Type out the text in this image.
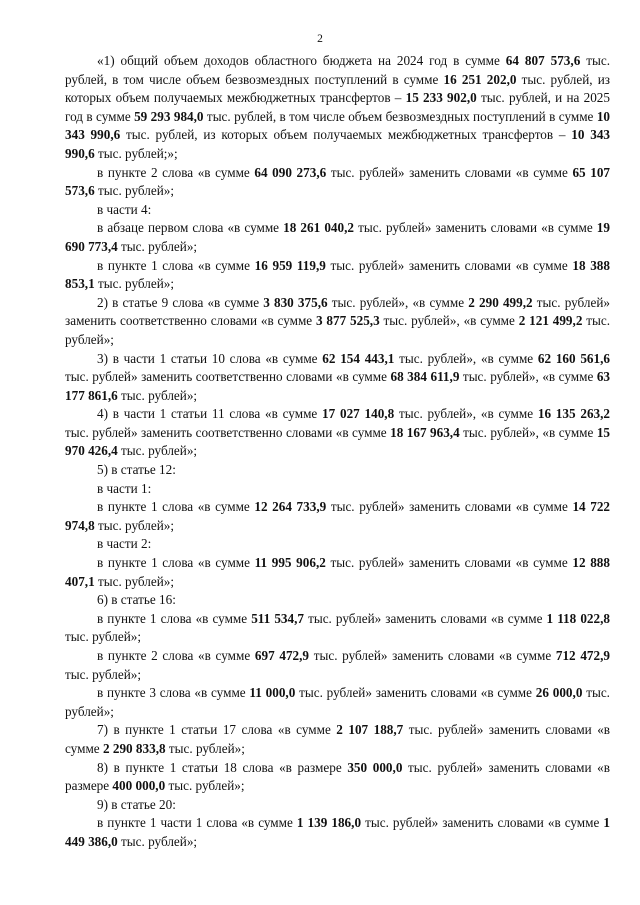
2

«1) общий объем доходов областного бюджета на 2024 год в сумме 64 807 573,6 тыс. рублей, в том числе объем безвозмездных поступлений в сумме 16 251 202,0 тыс. рублей, из которых объем получаемых межбюджетных трансфертов – 15 233 902,0 тыс. рублей, и на 2025 год в сумме 59 293 984,0 тыс. рублей, в том числе объем безвозмездных поступлений в сумме 10 343 990,6 тыс. рублей, из которых объем получаемых межбюджетных трансфертов – 10 343 990,6 тыс. рублей;»;

в пункте 2 слова «в сумме 64 090 273,6 тыс. рублей» заменить словами «в сумме 65 107 573,6 тыс. рублей»;

в части 4:

в абзаце первом слова «в сумме 18 261 040,2 тыс. рублей» заменить словами «в сумме 19 690 773,4 тыс. рублей»;

в пункте 1 слова «в сумме 16 959 119,9 тыс. рублей» заменить словами «в сумме 18 388 853,1 тыс. рублей»;

2) в статье 9 слова «в сумме 3 830 375,6 тыс. рублей», «в сумме 2 290 499,2 тыс. рублей» заменить соответственно словами «в сумме 3 877 525,3 тыс. рублей», «в сумме 2 121 499,2 тыс. рублей»;

3) в части 1 статьи 10 слова «в сумме 62 154 443,1 тыс. рублей», «в сумме 62 160 561,6 тыс. рублей» заменить соответственно словами «в сумме 68 384 611,9 тыс. рублей», «в сумме 63 177 861,6 тыс. рублей»;

4) в части 1 статьи 11 слова «в сумме 17 027 140,8 тыс. рублей», «в сумме 16 135 263,2 тыс. рублей» заменить соответственно словами «в сумме 18 167 963,4 тыс. рублей», «в сумме 15 970 426,4 тыс. рублей»;

5) в статье 12:

в части 1:

в пункте 1 слова «в сумме 12 264 733,9 тыс. рублей» заменить словами «в сумме 14 722 974,8 тыс. рублей»;

в части 2:

в пункте 1 слова «в сумме 11 995 906,2 тыс. рублей» заменить словами «в сумме 12 888 407,1 тыс. рублей»;

6) в статье 16:

в пункте 1 слова «в сумме 511 534,7 тыс. рублей» заменить словами «в сумме 1 118 022,8 тыс. рублей»;

в пункте 2 слова «в сумме 697 472,9 тыс. рублей» заменить словами «в сумме 712 472,9 тыс. рублей»;

в пункте 3 слова «в сумме 11 000,0 тыс. рублей» заменить словами «в сумме 26 000,0 тыс. рублей»;

7) в пункте 1 статьи 17 слова «в сумме 2 107 188,7 тыс. рублей» заменить словами «в сумме 2 290 833,8 тыс. рублей»;

8) в пункте 1 статьи 18 слова «в размере 350 000,0 тыс. рублей» заменить словами «в размере 400 000,0 тыс. рублей»;

9) в статье 20:

в пункте 1 части 1 слова «в сумме 1 139 186,0 тыс. рублей» заменить словами «в сумме 1 449 386,0 тыс. рублей»;
